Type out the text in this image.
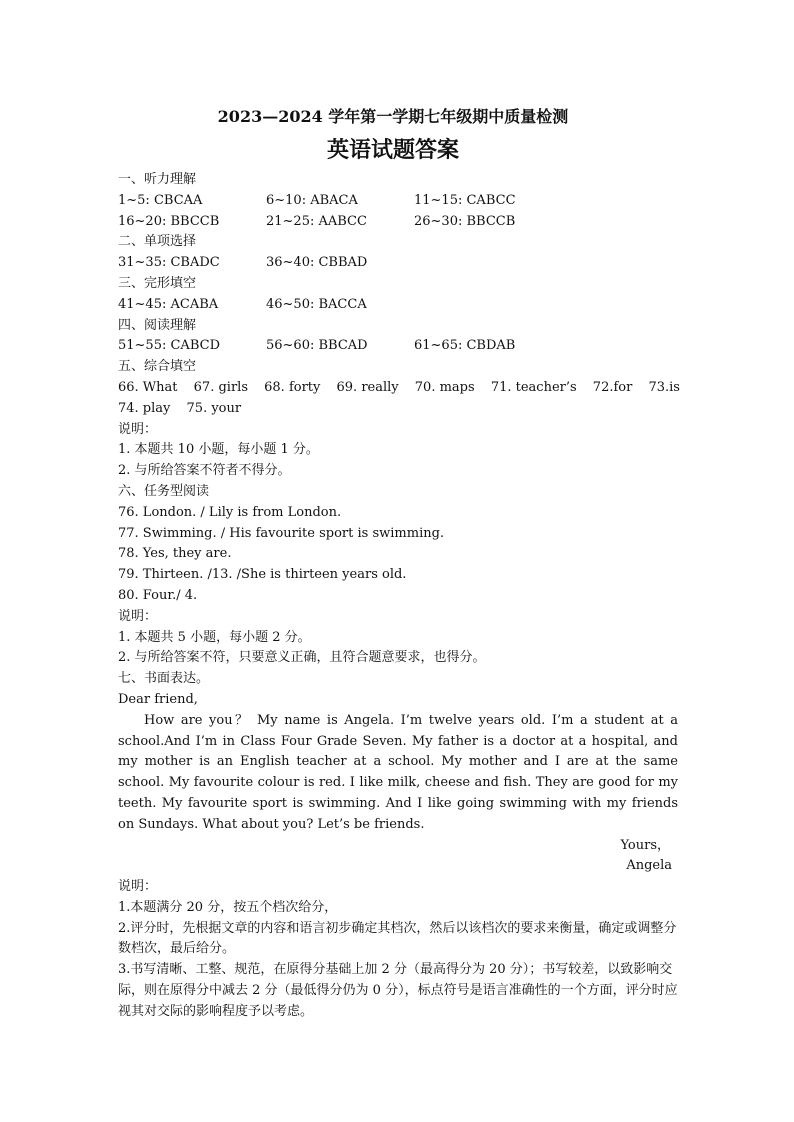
2023—2024 学年第一学期七年级期中质量检测
英语试题答案
一、听力理解
1~5: CBCAA	6~10: ABACA	11~15: CABCC
16~20: BBCCB	21~25: AABCC	26~30: BBCCB
二、单项选择
31~35: CBADC	36~40: CBBAD
三、完形填空
41~45: ACABA	46~50: BACCA
四、阅读理解
51~55: CABCD	56~60: BBCAD	61~65: CBDAB
五、综合填空
66. What 67. girls 68. forty 69. really 70. maps 71. teacher’s 72.for 73.is
74. play 75. your
说明：
1. 本题共 10 小题，每小题 1 分。
2. 与所给答案不符者不得分。
六、任务型阅读
76. London. / Lily is from London.
77. Swimming. / His favourite sport is swimming.
78. Yes, they are.
79. Thirteen. /13. /She is thirteen years old.
80. Four./ 4.
说明：
1. 本题共 5 小题，每小题 2 分。
2. 与所给答案不符，只要意义正确，且符合题意要求，也得分。
七、书面表达。
Dear friend,

How are you？ My name is Angela. I’m twelve years old. I’m a student at a school.And I’m in Class Four Grade Seven. My father is a doctor at a hospital, and my mother is an English teacher at a school. My mother and I are at the same school. My favourite colour is red. I like milk, cheese and fish. They are good for my teeth. My favourite sport is swimming. And I like going swimming with my friends on Sundays. What about you? Let’s be friends.

Yours，
Angela
说明：
1.本题满分 20 分，按五个档次给分，
2.评分时，先根据文章的内容和语言初步确定其档次，然后以该档次的要求来衡量，确定或调整分数档次，最后给分。
3.书写清晰、工整、规范，在原得分基础上加 2 分（最高得分为 20 分）；书写较差，以致影响交际，则在原得分中减去 2 分（最低得分仍为 0 分），标点符号是语言准确性的一个方面，评分时应视其对交际的影响程度予以考虑。
